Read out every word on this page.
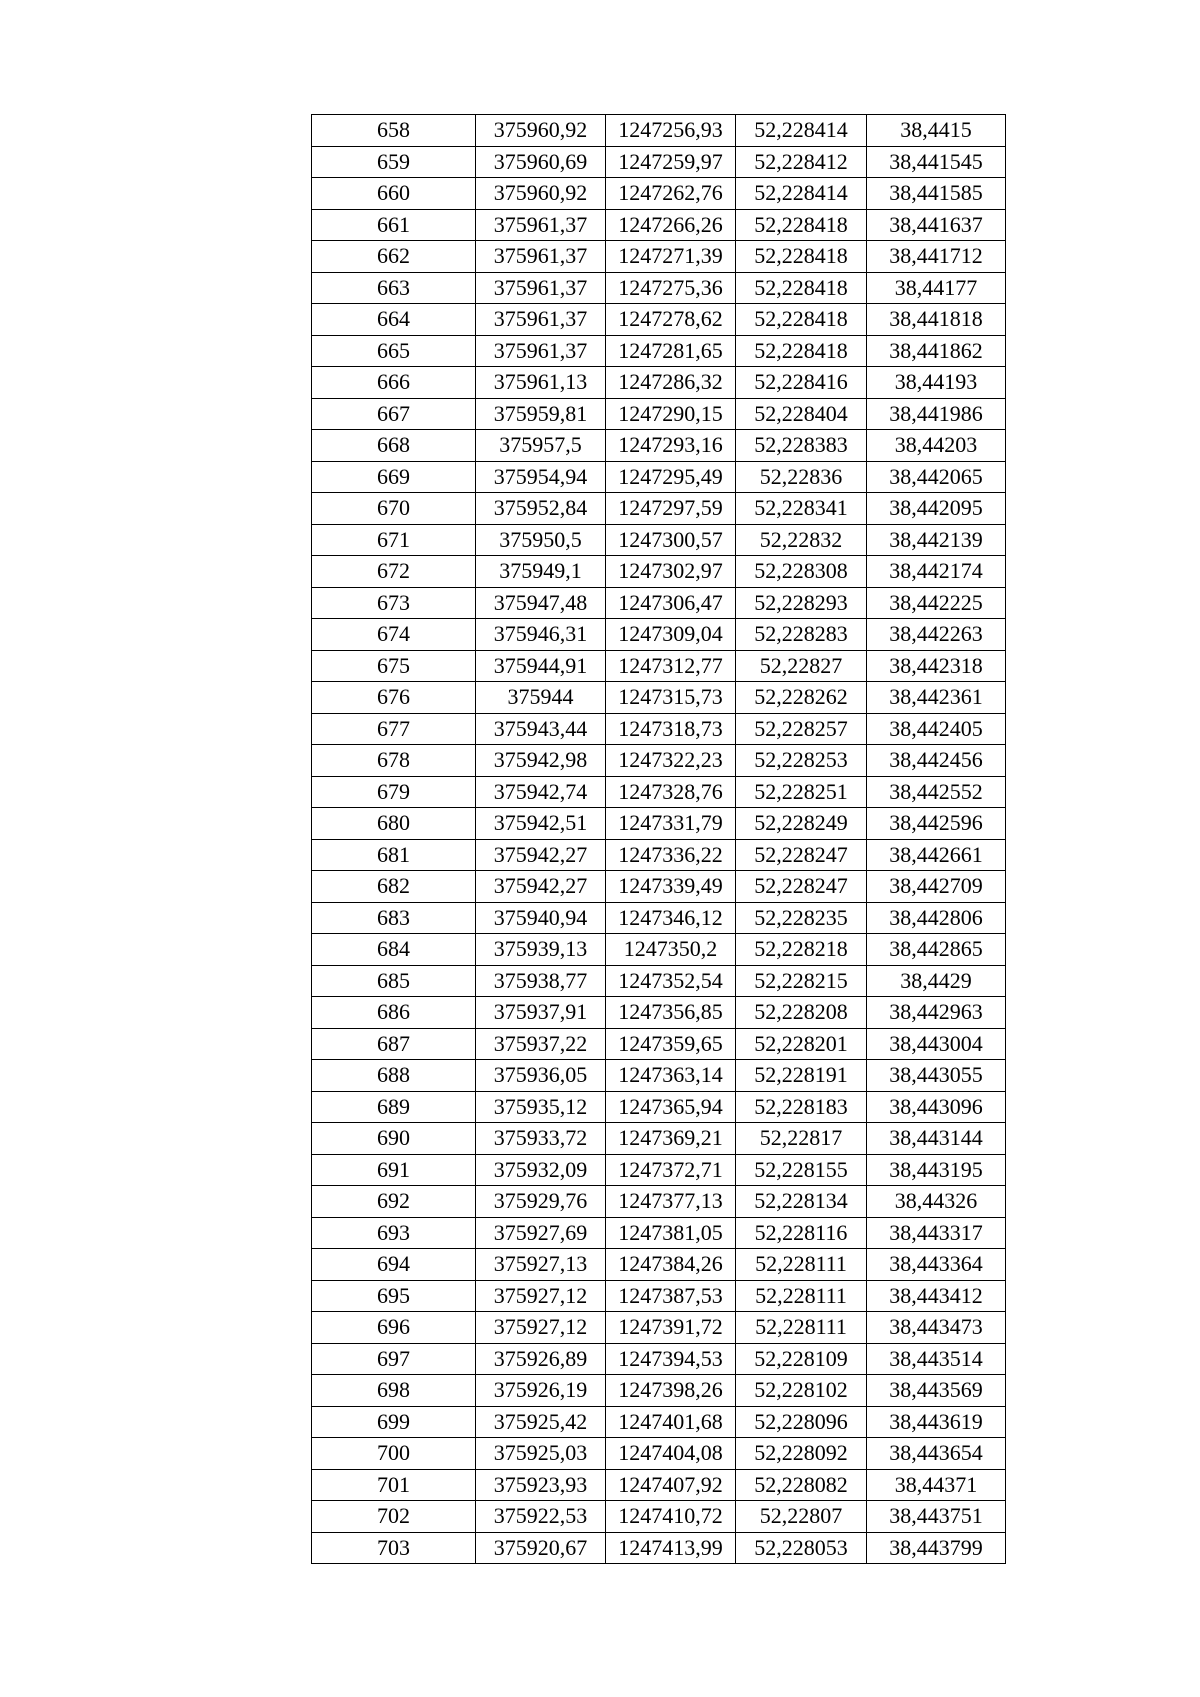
658	375960,92	1247256,93	52,228414	38,4415
659	375960,69	1247259,97	52,228412	38,441545
660	375960,92	1247262,76	52,228414	38,441585
661	375961,37	1247266,26	52,228418	38,441637
662	375961,37	1247271,39	52,228418	38,441712
663	375961,37	1247275,36	52,228418	38,44177
664	375961,37	1247278,62	52,228418	38,441818
665	375961,37	1247281,65	52,228418	38,441862
666	375961,13	1247286,32	52,228416	38,44193
667	375959,81	1247290,15	52,228404	38,441986
668	375957,5	1247293,16	52,228383	38,44203
669	375954,94	1247295,49	52,22836	38,442065
670	375952,84	1247297,59	52,228341	38,442095
671	375950,5	1247300,57	52,22832	38,442139
672	375949,1	1247302,97	52,228308	38,442174
673	375947,48	1247306,47	52,228293	38,442225
674	375946,31	1247309,04	52,228283	38,442263
675	375944,91	1247312,77	52,22827	38,442318
676	375944	1247315,73	52,228262	38,442361
677	375943,44	1247318,73	52,228257	38,442405
678	375942,98	1247322,23	52,228253	38,442456
679	375942,74	1247328,76	52,228251	38,442552
680	375942,51	1247331,79	52,228249	38,442596
681	375942,27	1247336,22	52,228247	38,442661
682	375942,27	1247339,49	52,228247	38,442709
683	375940,94	1247346,12	52,228235	38,442806
684	375939,13	1247350,2	52,228218	38,442865
685	375938,77	1247352,54	52,228215	38,4429
686	375937,91	1247356,85	52,228208	38,442963
687	375937,22	1247359,65	52,228201	38,443004
688	375936,05	1247363,14	52,228191	38,443055
689	375935,12	1247365,94	52,228183	38,443096
690	375933,72	1247369,21	52,22817	38,443144
691	375932,09	1247372,71	52,228155	38,443195
692	375929,76	1247377,13	52,228134	38,44326
693	375927,69	1247381,05	52,228116	38,443317
694	375927,13	1247384,26	52,228111	38,443364
695	375927,12	1247387,53	52,228111	38,443412
696	375927,12	1247391,72	52,228111	38,443473
697	375926,89	1247394,53	52,228109	38,443514
698	375926,19	1247398,26	52,228102	38,443569
699	375925,42	1247401,68	52,228096	38,443619
700	375925,03	1247404,08	52,228092	38,443654
701	375923,93	1247407,92	52,228082	38,44371
702	375922,53	1247410,72	52,22807	38,443751
703	375920,67	1247413,99	52,228053	38,443799
